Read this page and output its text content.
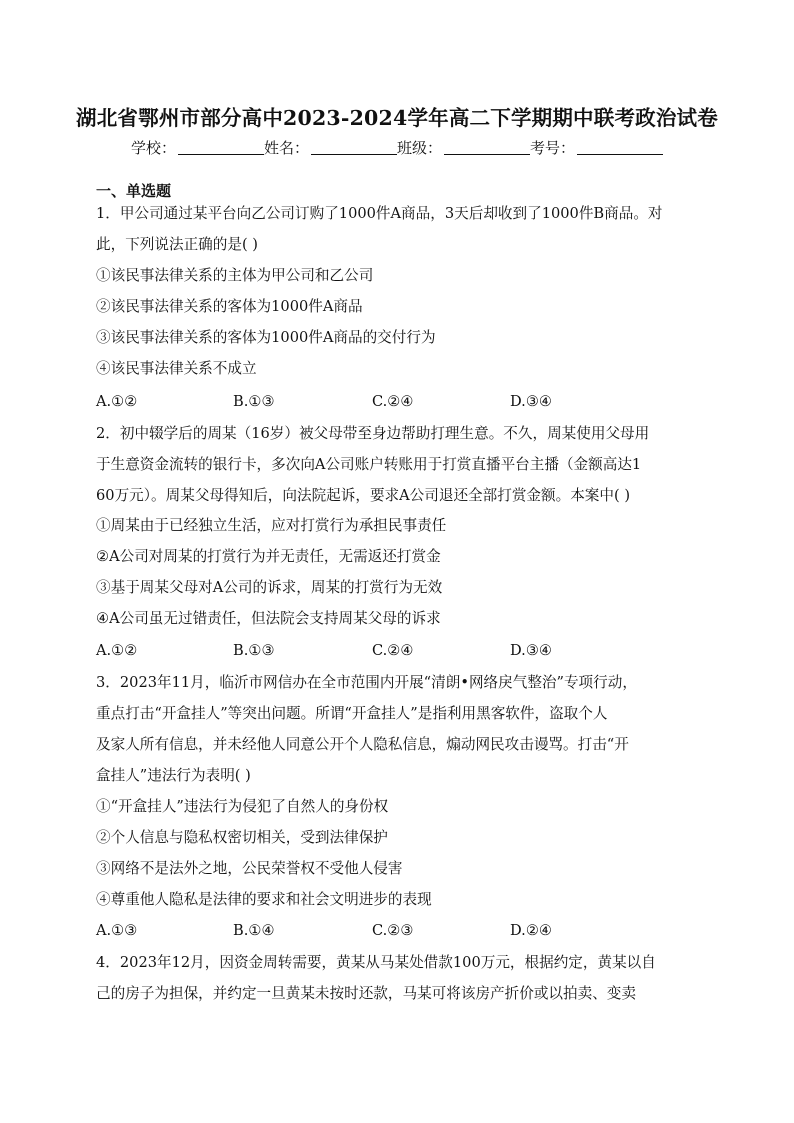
湖北省鄂州市部分高中2023-2024学年高二下学期期中联考政治试卷
学校：	姓名：	班级：	考号：
一、单选题
1．甲公司通过某平台向乙公司订购了1000件A商品，3天后却收到了1000件B商品。对
此，下列说法正确的是( )
①该民事法律关系的主体为甲公司和乙公司
②该民事法律关系的客体为1000件A商品
③该民事法律关系的客体为1000件A商品的交付行为
④该民事法律关系不成立
A.①②	B.①③	C.②④	D.③④
2．初中辍学后的周某（16岁）被父母带至身边帮助打理生意。不久，周某使用父母用
于生意资金流转的银行卡，多次向A公司账户转账用于打赏直播平台主播（金额高达1
60万元）。周某父母得知后，向法院起诉，要求A公司退还全部打赏金额。本案中( )
①周某由于已经独立生活，应对打赏行为承担民事责任
②A公司对周某的打赏行为并无责任，无需返还打赏金
③基于周某父母对A公司的诉求，周某的打赏行为无效
④A公司虽无过错责任，但法院会支持周某父母的诉求
A.①②	B.①③	C.②④	D.③④
3．2023年11月，临沂市网信办在全市范围内开展“清朗•网络戾气整治”专项行动，
重点打击“开盒挂人”等突出问题。所谓“开盒挂人”是指利用黑客软件，盗取个人
及家人所有信息，并未经他人同意公开个人隐私信息，煽动网民攻击谩骂。打击“开
盒挂人”违法行为表明( )
①“开盒挂人”违法行为侵犯了自然人的身份权
②个人信息与隐私权密切相关，受到法律保护
③网络不是法外之地，公民荣誉权不受他人侵害
④尊重他人隐私是法律的要求和社会文明进步的表现
A.①③	B.①④	C.②③	D.②④
4．2023年12月，因资金周转需要，黄某从马某处借款100万元，根据约定，黄某以自
己的房子为担保，并约定一旦黄某未按时还款，马某可将该房产折价或以拍卖、变卖
